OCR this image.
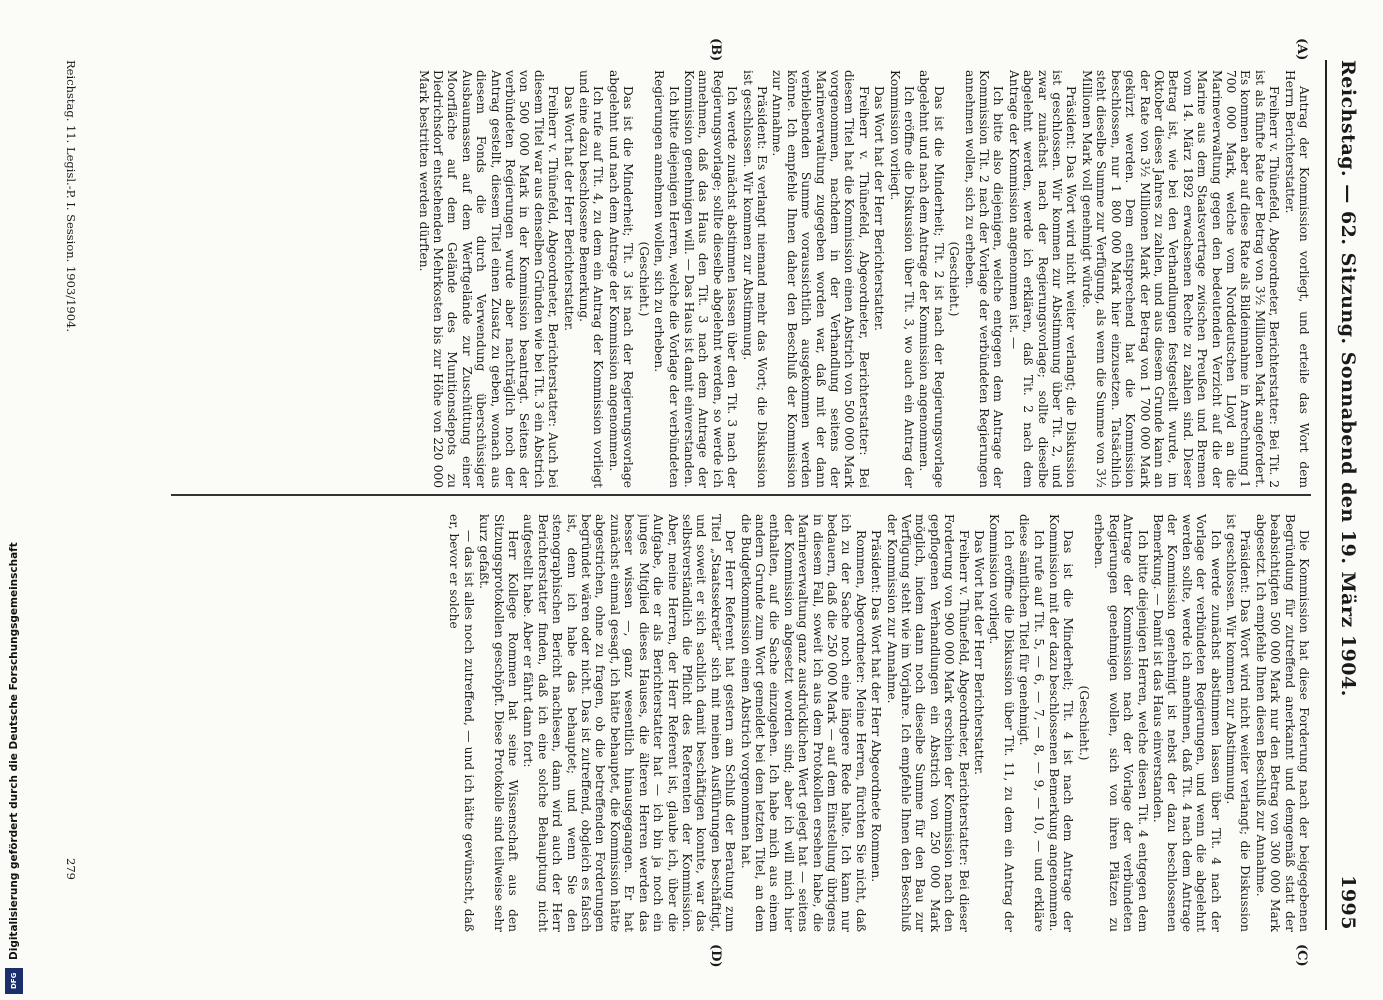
Reichstag. — 62. Sitzung. Sonnabend den 19. März 1904.
1995
(A)
(B)
(C)
(D)

Antrag der Kommission vorliegt, und erteile das Wort dem Herrn Berichterstatter.

Freiherr v. Thünefeld, Abgeordneter, Berichterstatter: Bei Tit. 2 ist als fünfte Rate der Betrag von 3½ Millionen Mark angefordert. Es kommen aber auf diese Rate als Bildeinnahme in Anrechnung 1 700 000 Mark, welche vom Norddeutschen Lloyd an die Marineverwaltung gegen den bedeutenden Verzicht auf die der Marine aus dem Staatsvertrage zwischen Preußen und Bremen vom 14. März 1892 erwachsenen Rechte zu zahlen sind. Dieser Betrag ist, wie bei den Verhandlungen festgestellt wurde, im Oktober dieses Jahres zu zahlen, und aus diesem Grunde kann an der Rate von 3½ Millionen Mark der Betrag von 1 700 000 Mark gekürzt werden. Dem entsprechend hat die Kommission beschlossen, nur 1 800 000 Mark hier einzusetzen. Tatsächlich steht dieselbe Summe zur Verfügung, als wenn die Summe von 3½ Millionen Mark voll genehmigt würde.

Präsident: Das Wort wird nicht weiter verlangt; die Diskussion ist geschlossen. Wir kommen zur Abstimmung über Tit. 2, und zwar zunächst nach der Regierungsvorlage; sollte dieselbe abgelehnt werden, werde ich erklären, daß Tit. 2 nach dem Antrage der Kommission angenommen ist. —

Ich bitte also diejenigen, welche entgegen dem Antrage der Kommission Tit. 2 nach der Vorlage der verbündeten Regierungen annehmen wollen, sich zu erheben.

(Geschieht.)

Das ist die Minderheit; Tit. 2 ist nach der Regierungsvorlage abgelehnt und nach dem Antrage der Kommission angenommen.

Ich eröffne die Diskussion über Tit. 3, wo auch ein Antrag der Kommission vorliegt.

Das Wort hat der Herr Berichterstatter.

Freiherr v. Thünefeld, Abgeordneter, Berichterstatter: Bei diesem Titel hat die Kommission einen Abstrich von 500 000 Mark vorgenommen, nachdem in der Verhandlung seitens der Marineverwaltung zugegeben worden war, daß mit der dann verbleibenden Summe voraussichtlich ausgekommen werden könne. Ich empfehle Ihnen daher den Beschluß der Kommission zur Annahme.

Präsident: Es verlangt niemand mehr das Wort; die Diskussion ist geschlossen. Wir kommen zur Abstimmung.

Ich werde zunächst abstimmen lassen über den Tit. 3 nach der Regierungsvorlage; sollte dieselbe abgelehnt werden, so werde ich annehmen, daß das Haus den Tit. 3 nach dem Antrage der Kommission genehmigen will. — Das Haus ist damit einverstanden.

Ich bitte diejenigen Herren, welche die Vorlage der verbündeten Regierungen annehmen wollen, sich zu erheben.

(Geschieht.)

Das ist die Minderheit; Tit. 3 ist nach der Regierungsvorlage abgelehnt und nach dem Antrage der Kommission angenommen.

Ich rufe auf Tit. 4, zu dem ein Antrag der Kommission vorliegt und eine dazu beschlossene Bemerkung.

Das Wort hat der Herr Berichterstatter.

Freiherr v. Thünefeld, Abgeordneter, Berichterstatter: Auch bei diesem Titel war aus denselben Gründen wie bei Tit. 3 ein Abstrich von 500 000 Mark in der Kommission beantragt. Seitens der verbündeten Regierungen wurde aber nachträglich noch der Antrag gestellt, diesem Titel einen Zusatz zu geben, wonach aus diesem Fonds die durch Verwendung überschüssiger Ausbaumassen auf dem Werftgelände zur Zuschüttung einer Moorfläche auf dem Gelände des Munitionsdepots zu Diedrichsdorf entstehenden Mehrkosten bis zur Höhe von 220 000 Mark bestritten werden dürften.

Die Kommission hat diese Forderung nach der beigegebenen Begründung für zutreffend anerkannt und demgemäß statt der beabsichtigten 500 000 Mark nur den Betrag von 300 000 Mark abgesetzt. Ich empfehle Ihnen diesen Beschluß zur Annahme.

Präsident: Das Wort wird nicht weiter verlangt; die Diskussion ist geschlossen. Wir kommen zur Abstimmung.

Ich werde zunächst abstimmen lassen über Tit. 4 nach der Vorlage der verbündeten Regierungen, und wenn die abgelehnt werden sollte, werde ich annehmen, daß Tit. 4 nach dem Antrage der Kommission genehmigt ist nebst der dazu beschlossenen Bemerkung. — Damit ist das Haus einverstanden.

Ich bitte diejenigen Herren, welche diesen Tit. 4 entgegen dem Antrage der Kommission nach der Vorlage der verbündeten Regierungen genehmigen wollen, sich von ihren Plätzen zu erheben.

(Geschieht.)

Das ist die Minderheit; Tit. 4 ist nach dem Antrage der Kommission mit der dazu beschlossenen Bemerkung angenommen.

Ich rufe auf Tit. 5, — 6, — 7, — 8, — 9, — 10, — und erkläre diese sämtlichen Titel für genehmigt.

Ich eröffne die Diskussion über Tit. 11, zu dem ein Antrag der Kommission vorliegt.

Das Wort hat der Herr Berichterstatter.

Freiherr v. Thünefeld, Abgeordneter, Berichterstatter: Bei dieser Forderung von 900 000 Mark erschien der Kommission nach den gepflogenen Verhandlungen ein Abstrich von 250 000 Mark möglich, indem dann noch dieselbe Summe für den Bau zur Verfügung steht wie im Vorjahre. Ich empfehle Ihnen den Beschluß der Kommission zur Annahme.

Präsident: Das Wort hat der Herr Abgeordnete Rommen.

Rommen, Abgeordneter: Meine Herren, fürchten Sie nicht, daß ich zu der Sache noch eine längere Rede halte. Ich kann nur bedauern, daß die 250 000 Mark — auf dem Einstellung übrigens in diesem Fall, soweit ich aus dem Protokollen ersehen habe, die Marineverwaltung ganz ausdrücklichen Wert gelegt hat — seitens der Kommission abgesetzt worden sind; aber ich will mich hier enthalten, auf die Sache einzugehen. Ich habe mich aus einem andern Grunde zum Wort gemeldet bei dem letzten Titel, an dem die Budgetkommission einen Abstrich vorgenommen hat.

Der Herr Referent hat gestern am Schluß der Beratung zum Titel „Staatssekretär“ sich mit meinen Ausführungen beschäftigt, und soweit er sich sachlich damit beschäftigen konnte, war das selbstverständlich die Pflicht des Referenten der Kommission. Aber, meine Herren, der Herr Referent ist, glaube ich, über die Aufgabe, die er als Berichterstatter hat — ich bin ja noch ein junges Mitglied dieses Hauses, die älteren Herren werden das besser wissen —, ganz wesentlich hinausgegangen. Er hat zunächst einmal gesagt, ich hätte behauptet, die Kommission hätte abgestrichen, ohne zu fragen, ob die betreffenden Forderungen begründet wären oder nicht. Das ist zutreffend, obgleich es falsch ist, denn ich habe das behauptet; und wenn Sie den stenographischen Bericht nachlesen, dann wird auch der Herr Berichterstatter finden, daß ich eine solche Behauptung nicht aufgestellt habe. Aber er fährt dann fort:

Herr Kollege Rommen hat seine Wissenschaft aus den Sitzungsprotokollen geschöpft. Diese Protokolle sind teilweise sehr kurz gefaßt.

— das ist alles noch zutreffend, — und ich hätte gewünscht, daß er, bevor er solche

Reichstag. 11. Legisl.-P. I. Session. 1903/1904.
279
Digitalisierung gefördert durch die Deutsche Forschungsgemeinschaft
DFG
